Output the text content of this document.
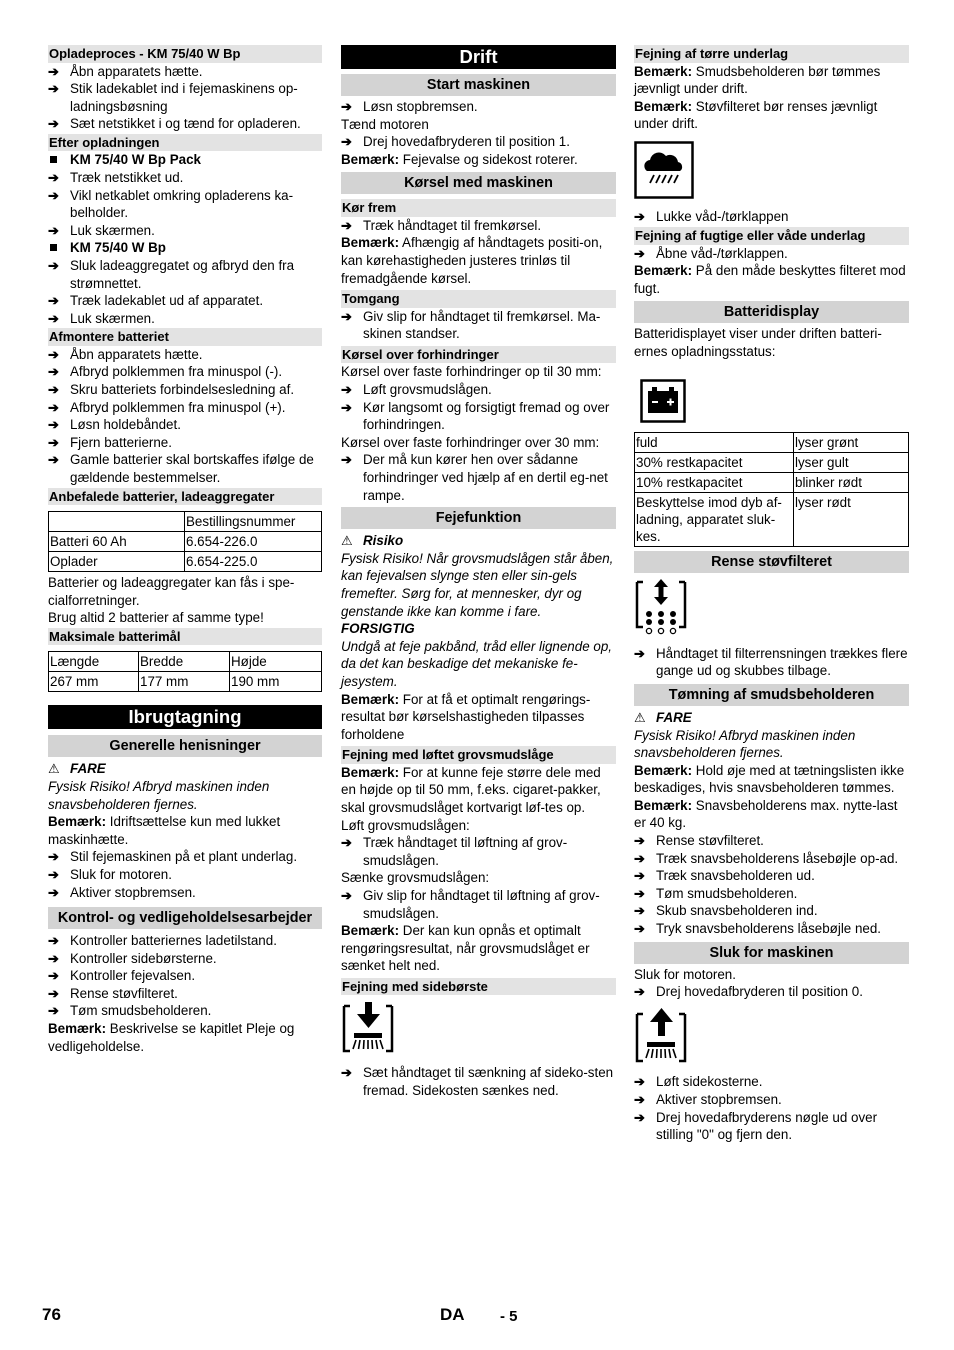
Opladeproces - KM 75/40 W Bp
➔ Åbn apparatets hætte.
➔ Stik ladekablet ind i fejemaskinens op-ladningsbøsning
➔ Sæt netstikket i og tænd for opladeren.
Efter opladningen
KM 75/40 W Bp Pack
➔ Træk netstikket ud.
➔ Vikl netkablet omkring opladerens ka-belholder.
➔ Luk skærmen.
KM 75/40 W Bp
➔ Sluk ladeaggregatet og afbryd den fra strømnettet.
➔ Træk ladekablet ud af apparatet.
➔ Luk skærmen.
Afmontere batteriet
➔ Åbn apparatets hætte.
➔ Afbryd polklemmen fra minuspol (-).
➔ Skru batteriets forbindelsesledning af.
➔ Afbryd polklemmen fra minuspol (+).
➔ Løsn holdebåndet.
➔ Fjern batterierne.
➔ Gamle batterier skal bortskaffes ifølge de gældende bestemmelser.
Anbefalede batterier, ladeaggregater
	Bestillingsnummer
Batteri 60 Ah	6.654-226.0
Oplader	6.654-225.0
Batterier og ladeaggregater kan fås i spe-cialforretninger.
Brug altid 2 batterier af samme type!
Maksimale batterimål
Længde	Bredde	Højde
267 mm	177 mm	190 mm
Ibrugtagning
Generelle henisninger
⚠ FARE
Fysisk Risiko! Afbryd maskinen inden snavsbeholderen fjernes.
Bemærk: Idriftsættelse kun med lukket maskinhætte.
➔ Stil fejemaskinen på et plant underlag.
➔ Sluk for motoren.
➔ Aktiver stopbremsen.
Kontrol- og vedligeholdelsesarbejder
➔ Kontroller batteriernes ladetilstand.
➔ Kontroller sidebørsterne.
➔ Kontroller fejevalsen.
➔ Rense støvfilteret.
➔ Tøm smudsbeholderen.
Bemærk: Beskrivelse se kapitlet Pleje og vedligeholdelse.
Drift
Start maskinen
➔ Løsn stopbremsen.
Tænd motoren
➔ Drej hovedafbryderen til position 1.
Bemærk: Fejevalse og sidekost roterer.
Kørsel med maskinen
Kør frem
➔ Træk håndtaget til fremkørsel.
Bemærk: Afhængig af håndtagets positi-on, kan kørehastigheden justeres trinløs til fremadgående kørsel.
Tomgang
➔ Giv slip for håndtaget til fremkørsel. Ma-skinen standser.
Kørsel over forhindringer
Kørsel over faste forhindringer op til 30 mm:
➔ Løft grovsmudslågen.
➔ Kør langsomt og forsigtigt fremad og over forhindringen.
Kørsel over faste forhindringer over 30 mm:
➔ Der må kun kører hen over sådanne forhindringer ved hjælp af en dertil eg-net rampe.
Fejefunktion
⚠ Risiko
Fysisk Risiko! Når grovsmudslågen står åben, kan fejevalsen slynge sten eller sin-gels fremefter. Sørg for, at mennesker, dyr og genstande ikke kan komme i fare.
FORSIGTIG
Undgå at feje pakbånd, tråd eller lignende op, da det kan beskadige det mekaniske fe-jesystem.
Bemærk: For at få et optimalt rengørings-resultat bør kørselshastigheden tilpasses forholdene
Fejning med løftet grovsmudslåge
Bemærk: For at kunne feje større dele med en højde op til 50 mm, f.eks. cigaret-pakker, skal grovsmudslåget kortvarigt løf-tes op.
Løft grovsmudslågen:
➔ Træk håndtaget til løftning af grov-smudslågen.
Sænke grovsmudslågen:
➔ Giv slip for håndtaget til løftning af grov-smudslågen.
Bemærk: Der kan kun opnås et optimalt rengøringsresultat, når grovsmudslåget er sænket helt ned.
Fejning med sidebørste
➔ Sæt håndtaget til sænkning af sideko-sten fremad. Sidekosten sænkes ned.
Fejning af tørre underlag
Bemærk: Smudsbeholderen bør tømmes jævnligt under drift.
Bemærk: Støvfilteret bør renses jævnligt under drift.
➔ Lukke våd-/tørklappen
Fejning af fugtige eller våde underlag
➔ Åbne våd-/tørklappen.
Bemærk: På den måde beskyttes filteret mod fugt.
Batteridisplay
Batteridisplayet viser under driften batteri-ernes opladningsstatus:
fuld	lyser grønt
30% restkapacitet	lyser gult
10% restkapacitet	blinker rødt
Beskyttelse imod dyb af-ladning, apparatet sluk-kes.	lyser rødt
Rense støvfilteret
➔ Håndtaget til filterrensningen trækkes flere gange ud og skubbes tilbage.
Tømning af smudsbeholderen
⚠ FARE
Fysisk Risiko! Afbryd maskinen inden snavsbeholderen fjernes.
Bemærk: Hold øje med at tætningslisten ikke beskadiges, hvis snavsbeholderen tømmes.
Bemærk: Snavsbeholderens max. nytte-last er 40 kg.
➔ Rense støvfilteret.
➔ Træk snavsbeholderens låsebøjle op-ad.
➔ Træk snavsbeholderen ud.
➔ Tøm smudsbeholderen.
➔ Skub snavsbeholderen ind.
➔ Tryk snavsbeholderens låsebøjle ned.
Sluk for maskinen
Sluk for motoren.
➔ Drej hovedafbryderen til position 0.
➔ Løft sidekosterne.
➔ Aktiver stopbremsen.
➔ Drej hovedafbryderens nøgle ud over stilling "0" og fjern den.
76	DA - 5
